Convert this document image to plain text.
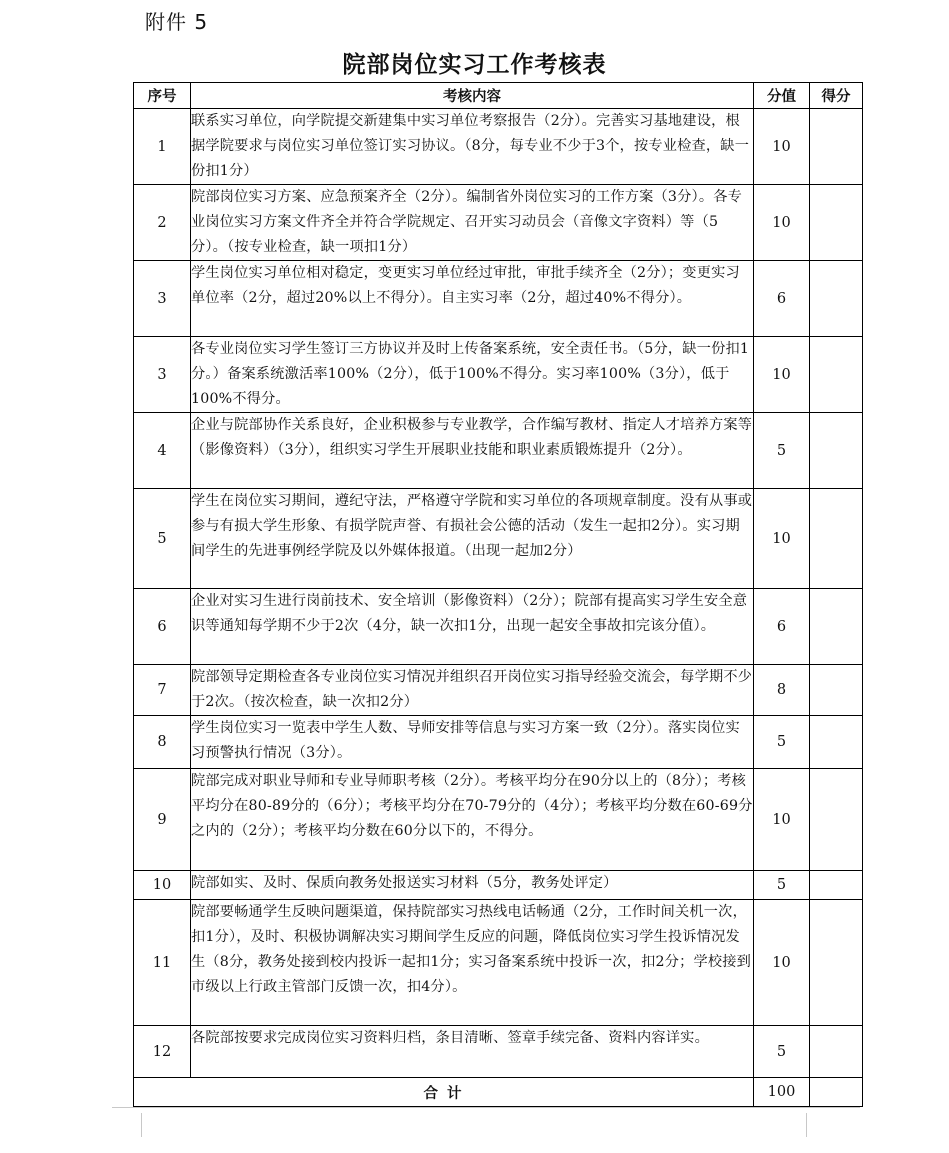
附件 5
院部岗位实习工作考核表
序号	考核内容	分值	得分
1	联系实习单位，向学院提交新建集中实习单位考察报告（2分）。完善实习基地建设，根据学院要求与岗位实习单位签订实习协议。（8分，每专业不少于3个，按专业检查，缺一份扣1分）	10	
2	院部岗位实习方案、应急预案齐全（2分）。编制省外岗位实习的工作方案（3分）。各专业岗位实习方案文件齐全并符合学院规定、召开实习动员会（音像文字资料）等（5分）。（按专业检查，缺一项扣1分）	10	
3	学生岗位实习单位相对稳定，变更实习单位经过审批，审批手续齐全（2分）；变更实习单位率（2分，超过20%以上不得分）。自主实习率（2分，超过40%不得分）。	6	
3	各专业岗位实习学生签订三方协议并及时上传备案系统，安全责任书。（5分，缺一份扣1分。）备案系统激活率100%（2分），低于100%不得分。实习率100%（3分），低于100%不得分。	10	
4	企业与院部协作关系良好，企业积极参与专业教学，合作编写教材、指定人才培养方案等（影像资料）（3分），组织实习学生开展职业技能和职业素质锻炼提升（2分）。	5	
5	学生在岗位实习期间，遵纪守法，严格遵守学院和实习单位的各项规章制度。没有从事或参与有损大学生形象、有损学院声誉、有损社会公德的活动（发生一起扣2分）。实习期间学生的先进事例经学院及以外媒体报道。（出现一起加2分）	10	
6	企业对实习生进行岗前技术、安全培训（影像资料）（2分）；院部有提高实习学生安全意识等通知每学期不少于2次（4分，缺一次扣1分，出现一起安全事故扣完该分值）。	6	
7	院部领导定期检查各专业岗位实习情况并组织召开岗位实习指导经验交流会，每学期不少于2次。（按次检查，缺一次扣2分）	8	
8	学生岗位实习一览表中学生人数、导师安排等信息与实习方案一致（2分）。落实岗位实习预警执行情况（3分）。	5	
9	院部完成对职业导师和专业导师职考核（2分）。考核平均分在90分以上的（8分）；考核平均分在80-89分的（6分）；考核平均分在70-79分的（4分）；考核平均分数在60-69分之内的（2分）；考核平均分数在60分以下的，不得分。	10	
10	院部如实、及时、保质向教务处报送实习材料（5分，教务处评定）	5	
11	院部要畅通学生反映问题渠道，保持院部实习热线电话畅通（2分，工作时间关机一次，扣1分），及时、积极协调解决实习期间学生反应的问题，降低岗位实习学生投诉情况发生（8分，教务处接到校内投诉一起扣1分；实习备案系统中投诉一次，扣2分；学校接到市级以上行政主管部门反馈一次，扣4分）。	10	
12	各院部按要求完成岗位实习资料归档，条目清晰、签章手续完备、资料内容详实。	5	
合 计		100	
